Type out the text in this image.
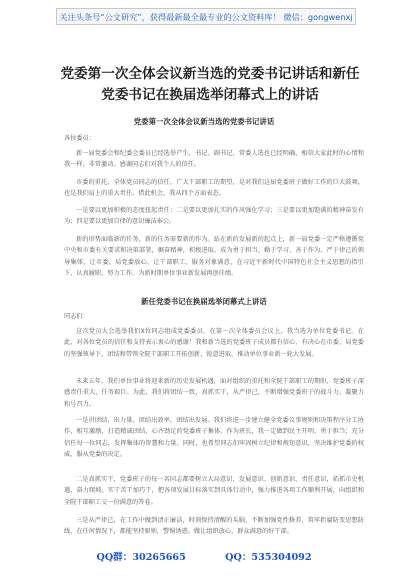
关注头条号“公文研究”，获得最新最全最专业的公文资料库！ 微信：gongwenxj
党委第一次全体会议新当选的党委书记讲话和新任党委书记在换届选举闭幕式上的讲话
党委第一次全体会议新当选的党委书记讲话

各位委员：

新一届党委会和纪委会委员已经选举产生，书记、副书记、常委人选也已经明确，相信大家此时的心情和我一样，非常激动。感谢同志们对我个人的信任。

市委的重托、全体党员同志的信任，广大干部职工的期望，是对我们这届党委班子做好工作的巨大鼓舞，也是我们肩上的重大责任。借此机会，我从四个方面表态。

一是要以更加积极的态度扭起责任；二是要以更加扎实的作风强化学习；三是要以更加饱满的精神奋发有为；四是要以更加自律的意识廉洁奉公。

新的形势面临新的任务，新的任务需要新的作为。站在新的发展新的起点上，新一届党委一定严格遵循党中央和市委有关要求和决策部署，掘奋精神，积极进取，成为勇于担当、勤于学习、善于作为、严于律己的领导集体，让市委、局党委放心，让干部职工、服务对象满意，在习近平新时代中国特色社会主义思想的指引下，认真履职，努力工作，为新时期单位事业新发展再创佳绩。

新任党委书记在换届选举闭幕式上讲话

同志们：

这次党员大会选举我们X位同志组成党委委员，在第一次全体委员会议上，我当选为单位党委书记。在此，对各位党员的信任和支持表示衷心的感谢！我和新当选的党委班子成员都有信心、有决心在市委、局党委的坚强领导下，团结和带领全院干部职工开拓创新，锐意进取，推动单位事业新一轮大发展。

未来五年，我们单位事业将迎来新的历史发展机遇，面对组织的重托和全院干部职工的期盼，党委班子深感责任重大，任务艰巨。为此，我们将团结一致，真抓实干，从严律己，不断增强党委班子的战斗力、凝聚力和号召力。

一是讲团结、出力量。团结出效率，团结出发展。我们将进一步建立健全党委议事规则和决策程序分工协作，相互激励，打造精诚团结、心齐劲足的党委班子集体。作为班长，我一定做到民主开明、勇于担当；充分信任每一位同志，发挥集体的智慧和力量。同时，也希望同志们牢固树立纪律和规矩意识，坚决维护党委的权威，服从党委的决定。

二是真抓实干，党委班子的每一名同志都要树立大局意识、发展意识、创新意识、责任意识，拓抓市史机遇，奋力爬坡、实干苦干加巧干，把各项发展目标落实到具体行动中，强力推进各项工作顺利开展，向组织和全院干部职工交一份满意的答卷。

三是从严律己，在工作中做到清正廉洁，时刻保持清醒的头脑，不断加强党性修养，筑牢拒腐防变思想防线，在任何情况下，都能坚持原则，警惕诱惑。做让组织放心、群众满意的好干部。

QQ群：30265665	QQ：535304092
